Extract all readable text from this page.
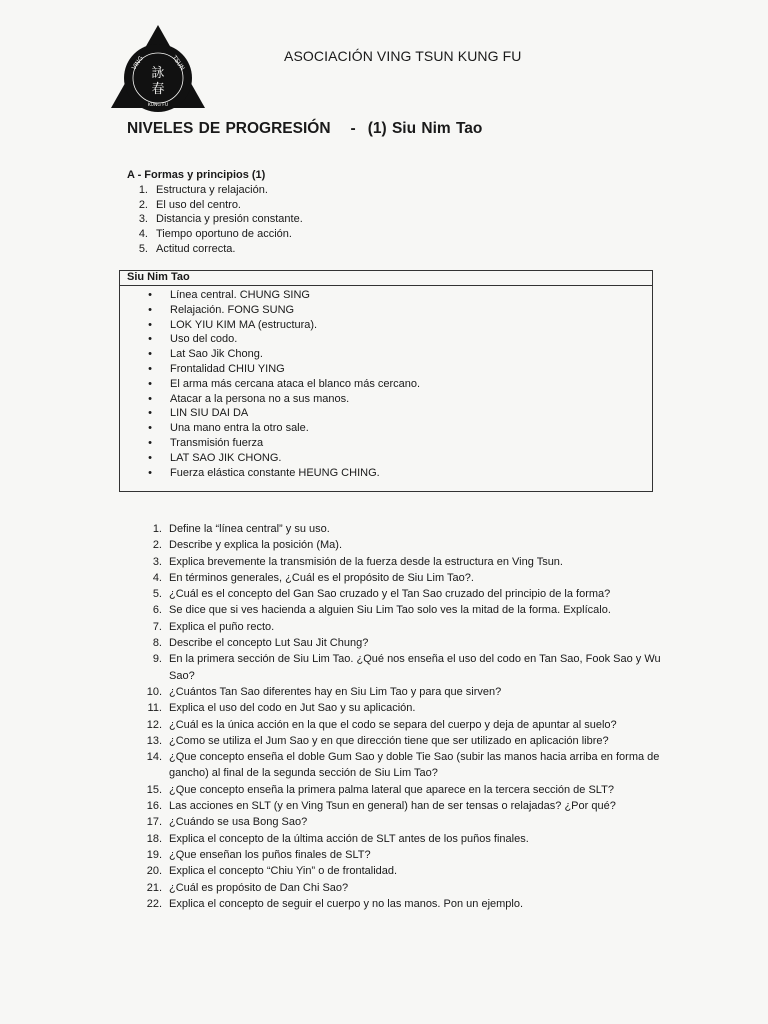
詠
春
VING	TSUN
KUNG FU
ASOCIACIÓN VING TSUN KUNG FU
NIVELES DE PROGRESIÓN - (1) Siu Nim Tao
A - Formas y principios (1)
1. Estructura y relajación.
2. El uso del centro.
3. Distancia y presión constante.
4. Tiempo oportuno de acción.
5. Actitud correcta.
Siu Nim Tao
•	Línea central. CHUNG SING
•	Relajación. FONG SUNG
•	LOK YIU KIM MA (estructura).
•	Uso del codo.
•	Lat Sao Jik Chong.
•	Frontalidad CHIU YING
•	El arma más cercana ataca el blanco más cercano.
•	Atacar a la persona no a sus manos.
•	LIN SIU DAI DA
•	Una mano entra la otro sale.
•	Transmisión fuerza
•	LAT SAO JIK CHONG.
•	Fuerza elástica constante HEUNG CHING.
1. Define la “línea central” y su uso.
2. Describe y explica la posición (Ma).
3. Explica brevemente la transmisión de la fuerza desde la estructura en Ving Tsun.
4. En términos generales, ¿Cuál es el propósito de Siu Lim Tao?.
5. ¿Cuál es el concepto del Gan Sao cruzado y el Tan Sao cruzado del principio de la forma?
6. Se dice que si ves hacienda a alguien Siu Lim Tao solo ves la mitad de la forma. Explícalo.
7. Explica el puño recto.
8. Describe el concepto Lut Sau Jit Chung?
9. En la primera sección de Siu Lim Tao. ¿Qué nos enseña el uso del codo en Tan Sao, Fook Sao y Wu Sao?
10. ¿Cuántos Tan Sao diferentes hay en Siu Lim Tao y para que sirven?
11. Explica el uso del codo en Jut Sao y su aplicación.
12. ¿Cuál es la única acción en la que el codo se separa del cuerpo y deja de apuntar al suelo?
13. ¿Como se utiliza el Jum Sao y en que dirección tiene que ser utilizado en aplicación libre?
14. ¿Que concepto enseña el doble Gum Sao y doble Tie Sao (subir las manos hacia arriba en forma de gancho) al final de la segunda sección de Siu Lim Tao?
15. ¿Que concepto enseña la primera palma lateral que aparece en la tercera sección de SLT?
16. Las acciones en SLT (y en Ving Tsun en general) han de ser tensas o relajadas? ¿Por qué?
17. ¿Cuándo se usa Bong Sao?
18. Explica el concepto de la última acción de SLT antes de los puños finales.
19. ¿Que enseñan los puños finales de SLT?
20. Explica el concepto “Chiu Yin” o de frontalidad.
21. ¿Cuál es propósito de Dan Chi Sao?
22. Explica el concepto de seguir el cuerpo y no las manos. Pon un ejemplo.
